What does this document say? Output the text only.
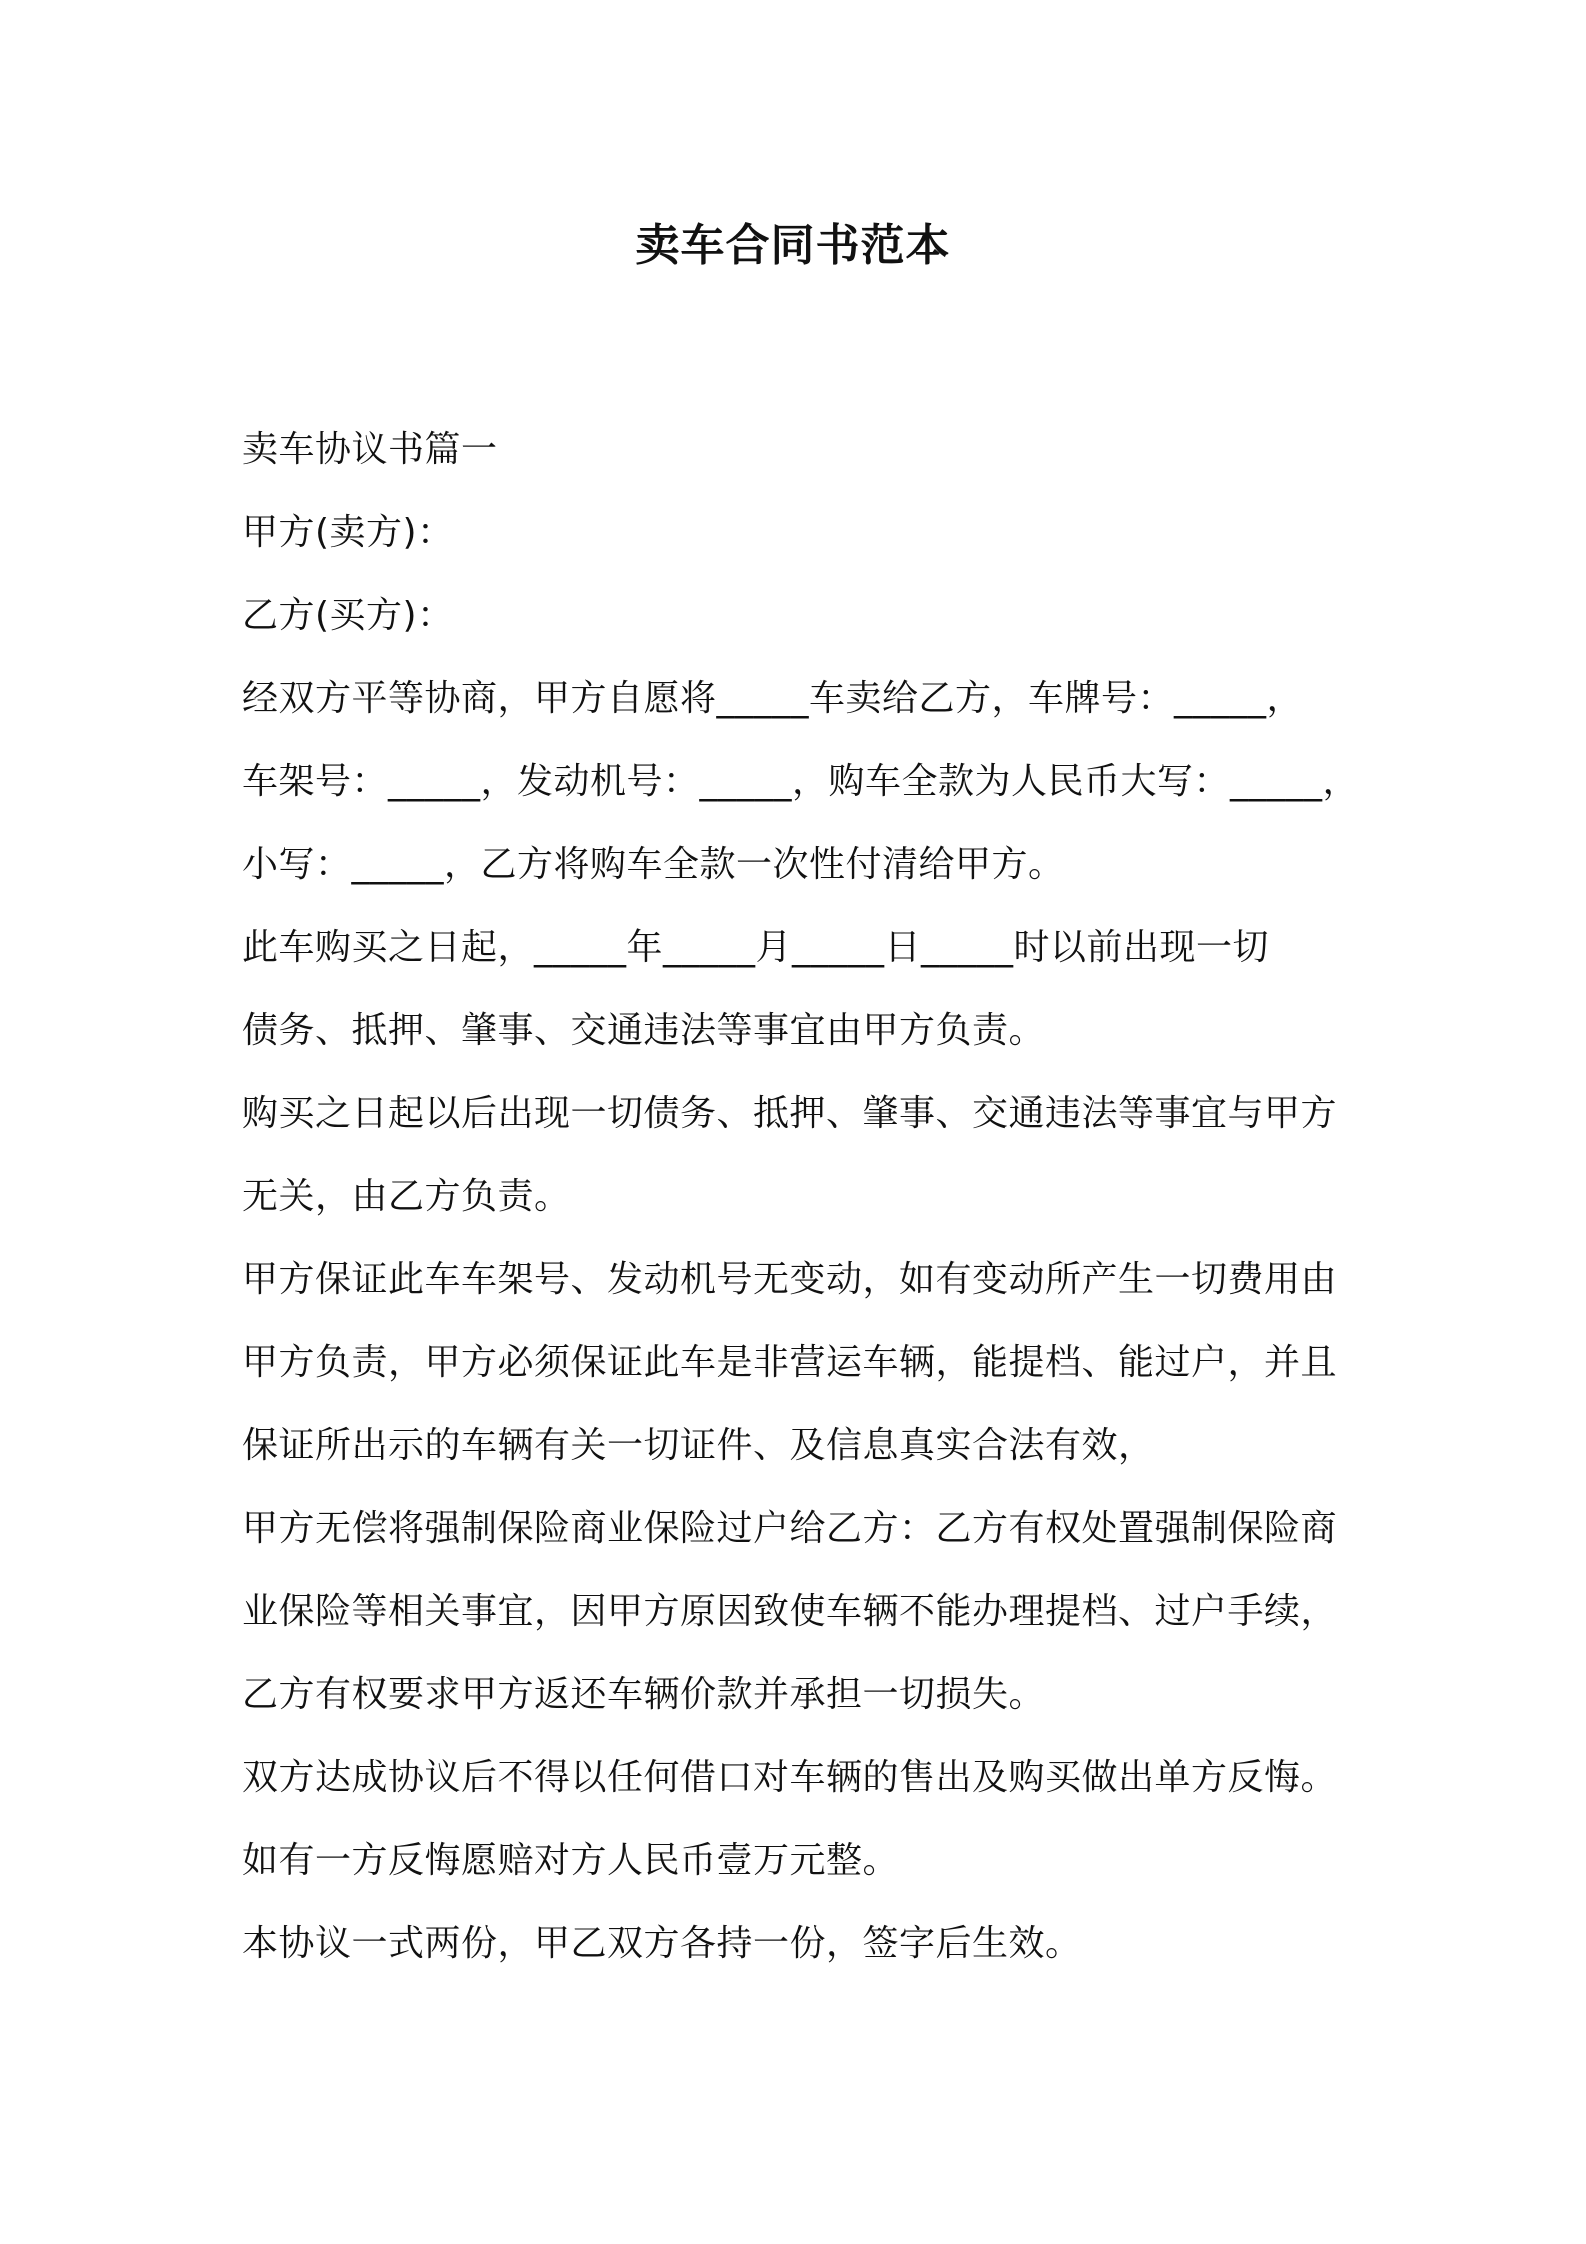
卖车合同书范本
卖车协议书篇一
甲方(卖方)：
乙方(买方)：
经双方平等协商，甲方自愿将_____车卖给乙方，车牌号：_____，
车架号：_____，发动机号：_____，购车全款为人民币大写：_____，
小写：_____，乙方将购车全款一次性付清给甲方。
此车购买之日起，_____年_____月_____日_____时以前出现一切
债务、抵押、肇事、交通违法等事宜由甲方负责。
购买之日起以后出现一切债务、抵押、肇事、交通违法等事宜与甲方
无关，由乙方负责。
甲方保证此车车架号、发动机号无变动，如有变动所产生一切费用由
甲方负责，甲方必须保证此车是非营运车辆，能提档、能过户，并且
保证所出示的车辆有关一切证件、及信息真实合法有效，
甲方无偿将强制保险商业保险过户给乙方：乙方有权处置强制保险商
业保险等相关事宜，因甲方原因致使车辆不能办理提档、过户手续，
乙方有权要求甲方返还车辆价款并承担一切损失。
双方达成协议后不得以任何借口对车辆的售出及购买做出单方反悔。
如有一方反悔愿赔对方人民币壹万元整。
本协议一式两份，甲乙双方各持一份，签字后生效。
